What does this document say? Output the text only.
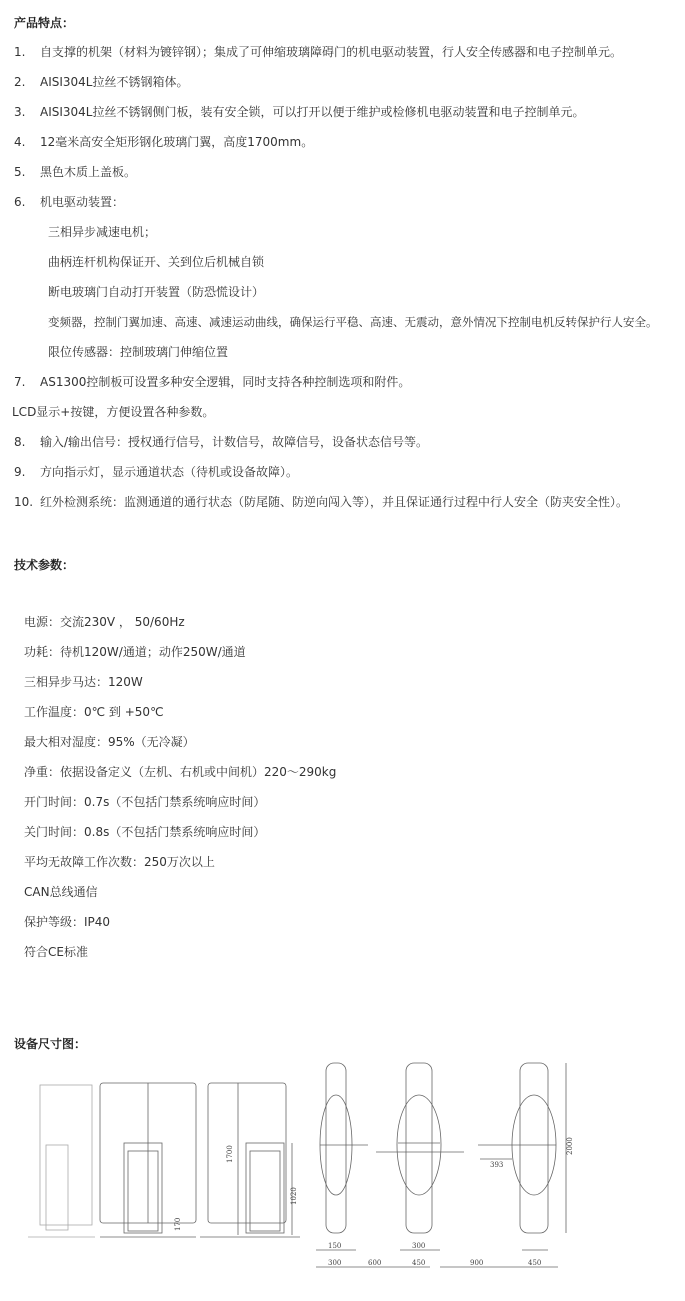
产品特点：
1. 自支撑的机架（材料为镀锌钢）；集成了可伸缩玻璃障碍门的机电驱动装置，行人安全传感器和电子控制单元。
2. AISI304L拉丝不锈钢箱体。
3. AISI304L拉丝不锈钢侧门板，装有安全锁，可以打开以便于维护或检修机电驱动装置和电子控制单元。
4. 12毫米高安全矩形钢化玻璃门翼，高度1700mm。
5. 黑色木质上盖板。
6. 机电驱动装置：
三相异步减速电机；
曲柄连杆机构保证开、关到位后机械自锁
断电玻璃门自动打开装置（防恐慌设计）
变频器，控制门翼加速、高速、减速运动曲线，确保运行平稳、高速、无震动，意外情况下控制电机反转保护行人安全。
限位传感器：控制玻璃门伸缩位置
7. AS1300控制板可设置多种安全逻辑，同时支持各种控制选项和附件。
LCD显示+按键，方便设置各种参数。
8. 输入/输出信号：授权通行信号，计数信号，故障信号，设备状态信号等。
9. 方向指示灯，显示通道状态（待机或设备故障）。
10. 红外检测系统：监测通道的通行状态（防尾随、防逆向闯入等），并且保证通行过程中行人安全（防夹安全性）。
技术参数：
电源：交流230V ， 50/60Hz
功耗：待机120W/通道；动作250W/通道
三相异步马达：120W
工作温度：0℃ 到 +50℃
最大相对湿度：95%（无冷凝）
净重：依据设备定义（左机、右机或中间机）220～290kg
开门时间：0.7s（不包括门禁系统响应时间）
关门时间：0.8s（不包括门禁系统响应时间）
平均无故障工作次数：250万次以上
CAN总线通信
保护等级：IP40
符合CE标准
设备尺寸图：
1700
1020
170
2000
393
150	300
300	600	450	900	450
